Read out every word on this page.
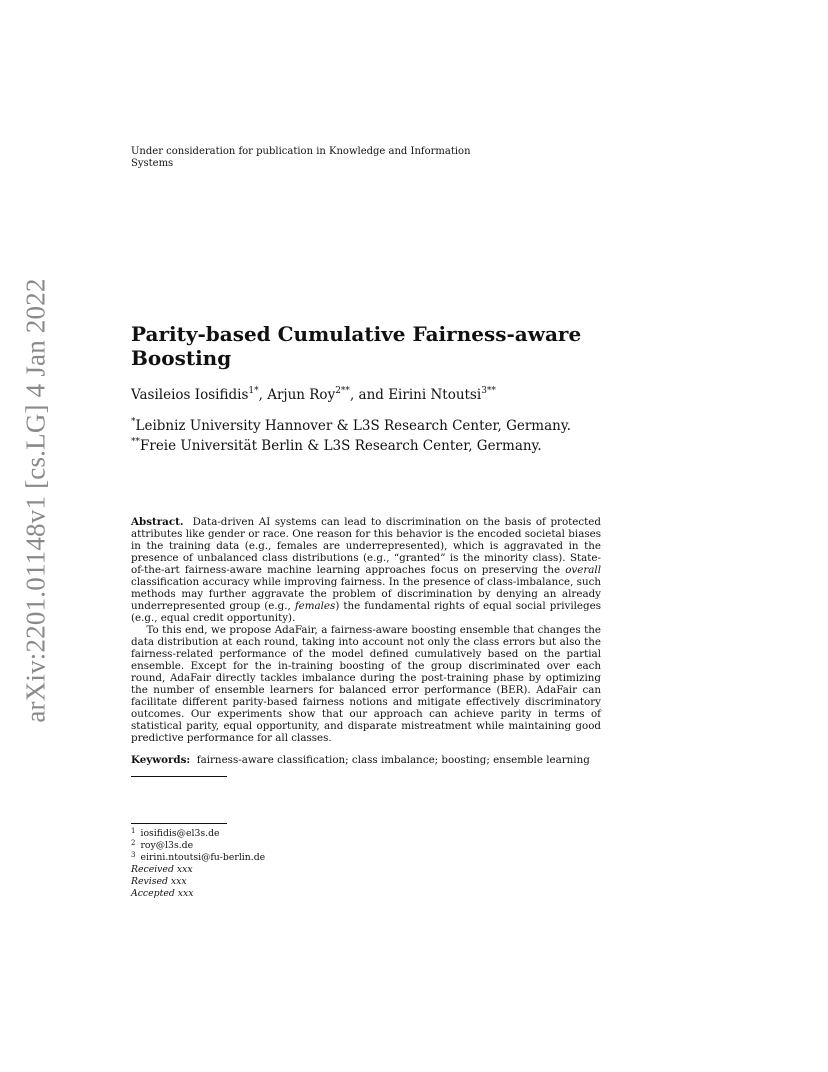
arXiv:2201.01148v1 [cs.LG] 4 Jan 2022
Under consideration for publication in Knowledge and Information Systems
Parity-based Cumulative Fairness-aware Boosting
Vasileios Iosifidis$^{1*}$, Arjun Roy$^{2**}$, and Eirini Ntoutsi$^{3**}$
*Leibniz University Hannover & L3S Research Center, Germany.
**Freie Universität Berlin & L3S Research Center, Germany.

Abstract. Data-driven AI systems can lead to discrimination on the basis of protected attributes like gender or race. One reason for this behavior is the encoded societal biases in the training data (e.g., females are underrepresented), which is aggravated in the presence of unbalanced class distributions (e.g., “granted” is the minority class). State-of-the-art fairness-aware machine learning approaches focus on preserving the overall classification accuracy while improving fairness. In the presence of class-imbalance, such methods may further aggravate the problem of discrimination by denying an already underrepresented group (e.g., females) the fundamental rights of equal social privileges (e.g., equal credit opportunity).

To this end, we propose AdaFair, a fairness-aware boosting ensemble that changes the data distribution at each round, taking into account not only the class errors but also the fairness-related performance of the model defined cumulatively based on the partial ensemble. Except for the in-training boosting of the group discriminated over each round, AdaFair directly tackles imbalance during the post-training phase by optimizing the number of ensemble learners for balanced error performance (BER). AdaFair can facilitate different parity-based fairness notions and mitigate effectively discriminatory outcomes. Our experiments show that our approach can achieve parity in terms of statistical parity, equal opportunity, and disparate mistreatment while maintaining good predictive performance for all classes.

Keywords: fairness-aware classification; class imbalance; boosting; ensemble learning
$^1$ iosifidis@el3s.de
$^2$ roy@l3s.de
$^3$ eirini.ntoutsi@fu-berlin.de
Received xxx
Revised xxx
Accepted xxx
